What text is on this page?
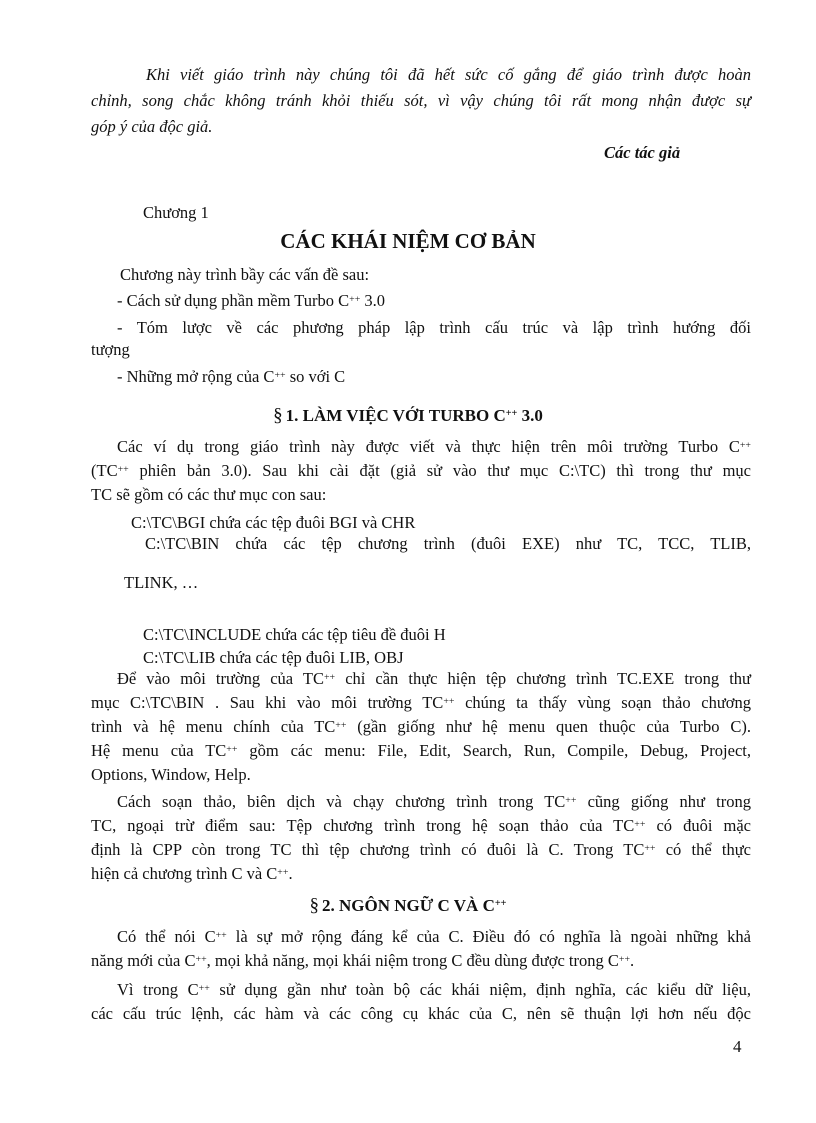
Khi viết giáo trình này chúng tôi đã hết sức cố gắng để giáo trình được hoàn
chỉnh, song chắc không tránh khỏi thiếu sót, vì vậy chúng tôi rất mong nhận được sự
góp ý của độc giả.
Các tác giả
Chương 1
CÁC KHÁI NIỆM CƠ BẢN
Chương này trình bầy các vấn đề sau:
- Cách sử dụng phần mềm Turbo C++ 3.0
- Tóm lược về các phương pháp lập trình cấu trúc và lập trình hướng đối
tượng
- Những mở rộng của C++ so với C
§ 1. LÀM VIỆC VỚI TURBO C++ 3.0
Các ví dụ trong giáo trình này được viết và thực hiện trên môi trường Turbo C++
(TC++ phiên bản 3.0). Sau khi cài đặt (giả sử vào thư mục C:\TC) thì trong thư mục
TC sẽ gồm có các thư mục con sau:
C:\TC\BGI chứa các tệp đuôi BGI và CHR
C:\TC\BIN chứa các tệp chương trình (đuôi EXE) như TC, TCC, TLIB,
TLINK, …
C:\TC\INCLUDE chứa các tệp tiêu đề đuôi H
C:\TC\LIB chứa các tệp đuôi LIB, OBJ
Để vào môi trường của TC++ chỉ cần thực hiện tệp chương trình TC.EXE trong thư
mục C:\TC\BIN . Sau khi vào môi trường TC++ chúng ta thấy vùng soạn thảo chương
trình và hệ menu chính của TC++ (gần giống như hệ menu quen thuộc của Turbo C).
Hệ menu của TC++ gồm các menu: File, Edit, Search, Run, Compile, Debug, Project,
Options, Window, Help.
Cách soạn thảo, biên dịch và chạy chương trình trong TC++ cũng giống như trong
TC, ngoại trừ điểm sau: Tệp chương trình trong hệ soạn thảo của TC++ có đuôi mặc
định là CPP còn trong TC thì tệp chương trình có đuôi là C. Trong TC++ có thể thực
hiện cả chương trình C và C++.
§ 2. NGÔN NGỮ C VÀ C++
Có thể nói C++ là sự mở rộng đáng kể của C. Điều đó có nghĩa là ngoài những khả
năng mới của C++, mọi khả năng, mọi khái niệm trong C đều dùng được trong C++.
Vì trong C++ sử dụng gần như toàn bộ các khái niệm, định nghĩa, các kiểu dữ liệu,
các cấu trúc lệnh, các hàm và các công cụ khác của C, nên sẽ thuận lợi hơn nếu độc
4
